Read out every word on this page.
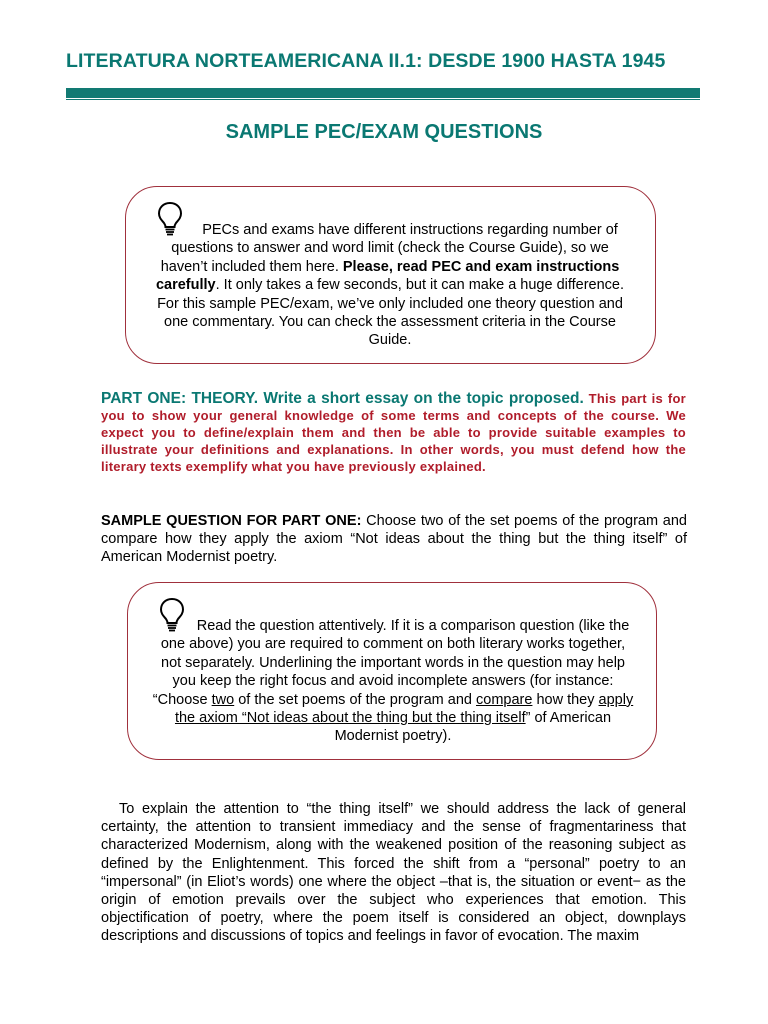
LITERATURA NORTEAMERICANA II.1: DESDE 1900 HASTA 1945
SAMPLE PEC/EXAM QUESTIONS
PECs and exams have different instructions regarding number of questions to answer and word limit (check the Course Guide), so we haven’t included them here. Please, read PEC and exam instructions carefully. It only takes a few seconds, but it can make a huge difference. For this sample PEC/exam, we’ve only included one theory question and one commentary. You can check the assessment criteria in the Course Guide.
PART ONE: THEORY. Write a short essay on the topic proposed. This part is for you to show your general knowledge of some terms and concepts of the course. We expect you to define/explain them and then be able to provide suitable examples to illustrate your definitions and explanations. In other words, you must defend how the literary texts exemplify what you have previously explained.
SAMPLE QUESTION FOR PART ONE: Choose two of the set poems of the program and compare how they apply the axiom “Not ideas about the thing but the thing itself” of American Modernist poetry.
Read the question attentively. If it is a comparison question (like the one above) you are required to comment on both literary works together, not separately. Underlining the important words in the question may help you keep the right focus and avoid incomplete answers (for instance: “Choose two of the set poems of the program and compare how they apply the axiom “Not ideas about the thing but the thing itself” of American Modernist poetry).
To explain the attention to “the thing itself” we should address the lack of general certainty, the attention to transient immediacy and the sense of fragmentariness that characterized Modernism, along with the weakened position of the reasoning subject as defined by the Enlightenment. This forced the shift from a “personal” poetry to an “impersonal” (in Eliot’s words) one where the object –that is, the situation or event− as the origin of emotion prevails over the subject who experiences that emotion. This objectification of poetry, where the poem itself is considered an object, downplays descriptions and discussions of topics and feelings in favor of evocation. The maxim
